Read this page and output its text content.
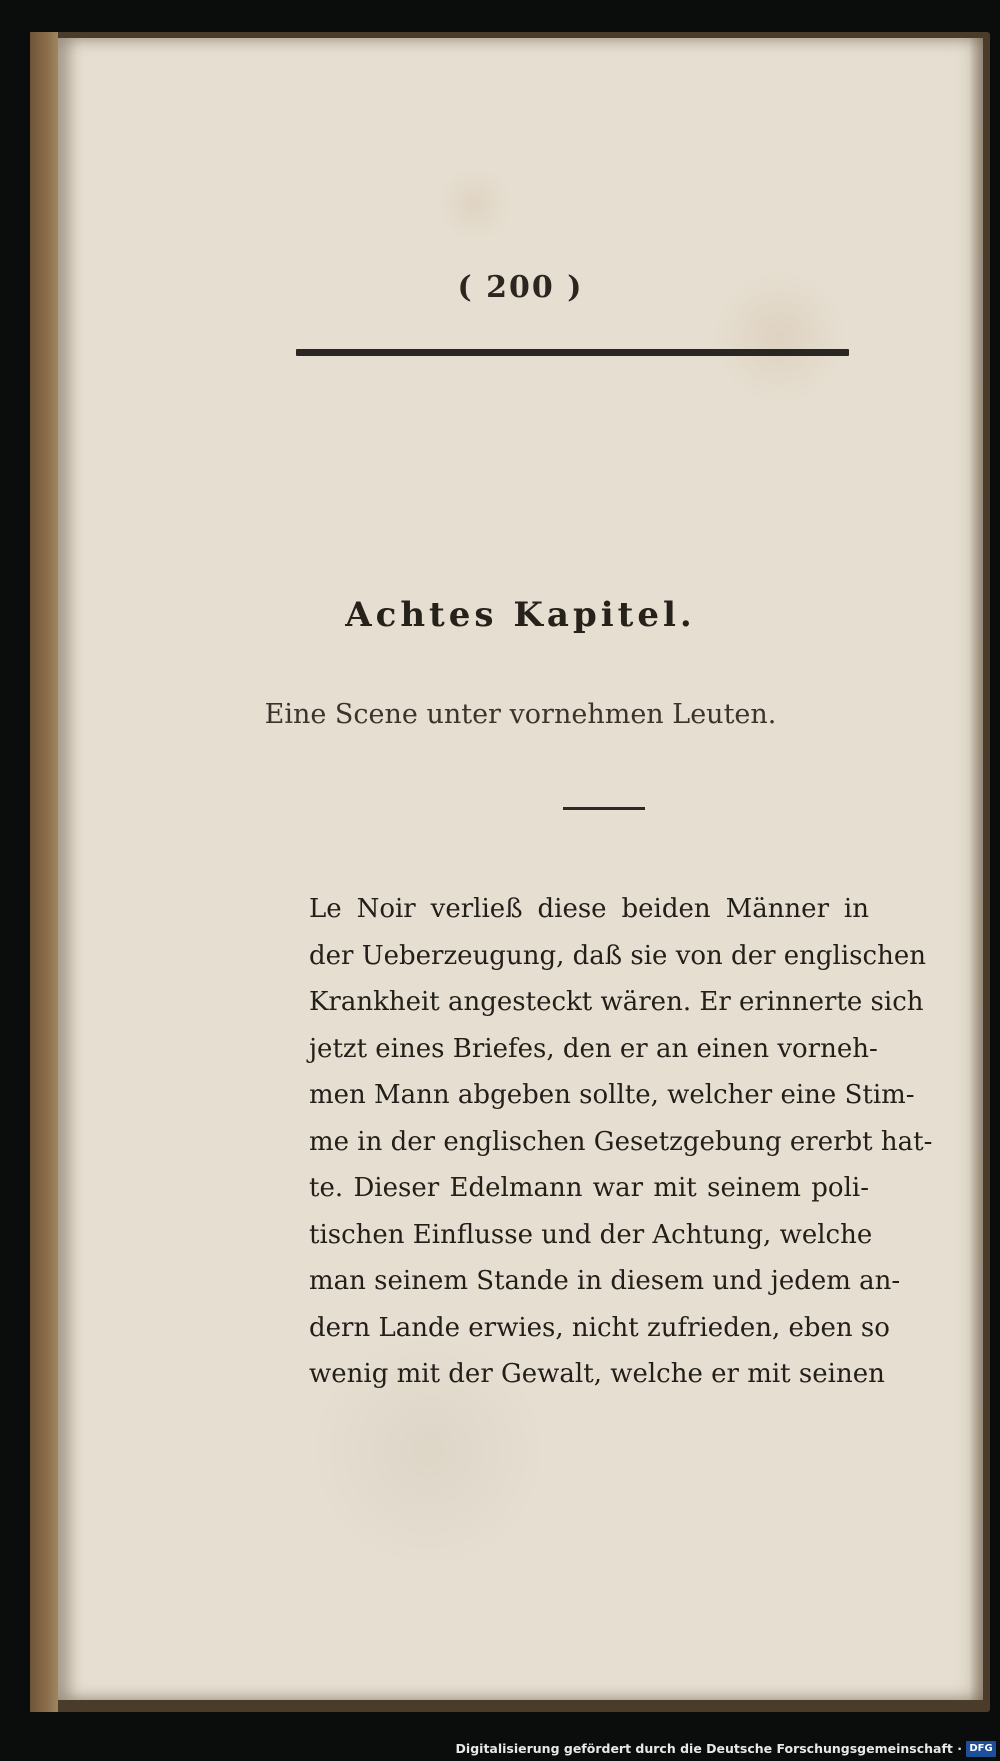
( 200 )
Achtes Kapitel.
Eine Scene unter vornehmen Leuten.
Le Noir verließ diese beiden Männer in
der Ueberzeugung, daß sie von der englischen
Krankheit angesteckt wären. Er erinnerte sich
jetzt eines Briefes, den er an einen vorneh-
men Mann abgeben sollte, welcher eine Stim-
me in der englischen Gesetzgebung ererbt hat-
te. Dieser Edelmann war mit seinem poli-
tischen Einflusse und der Achtung, welche
man seinem Stande in diesem und jedem an-
dern Lande erwies, nicht zufrieden, eben so
wenig mit der Gewalt, welche er mit seinen
Digitalisierung gefördert durch die Deutsche Forschungsgemeinschaft · DFG
